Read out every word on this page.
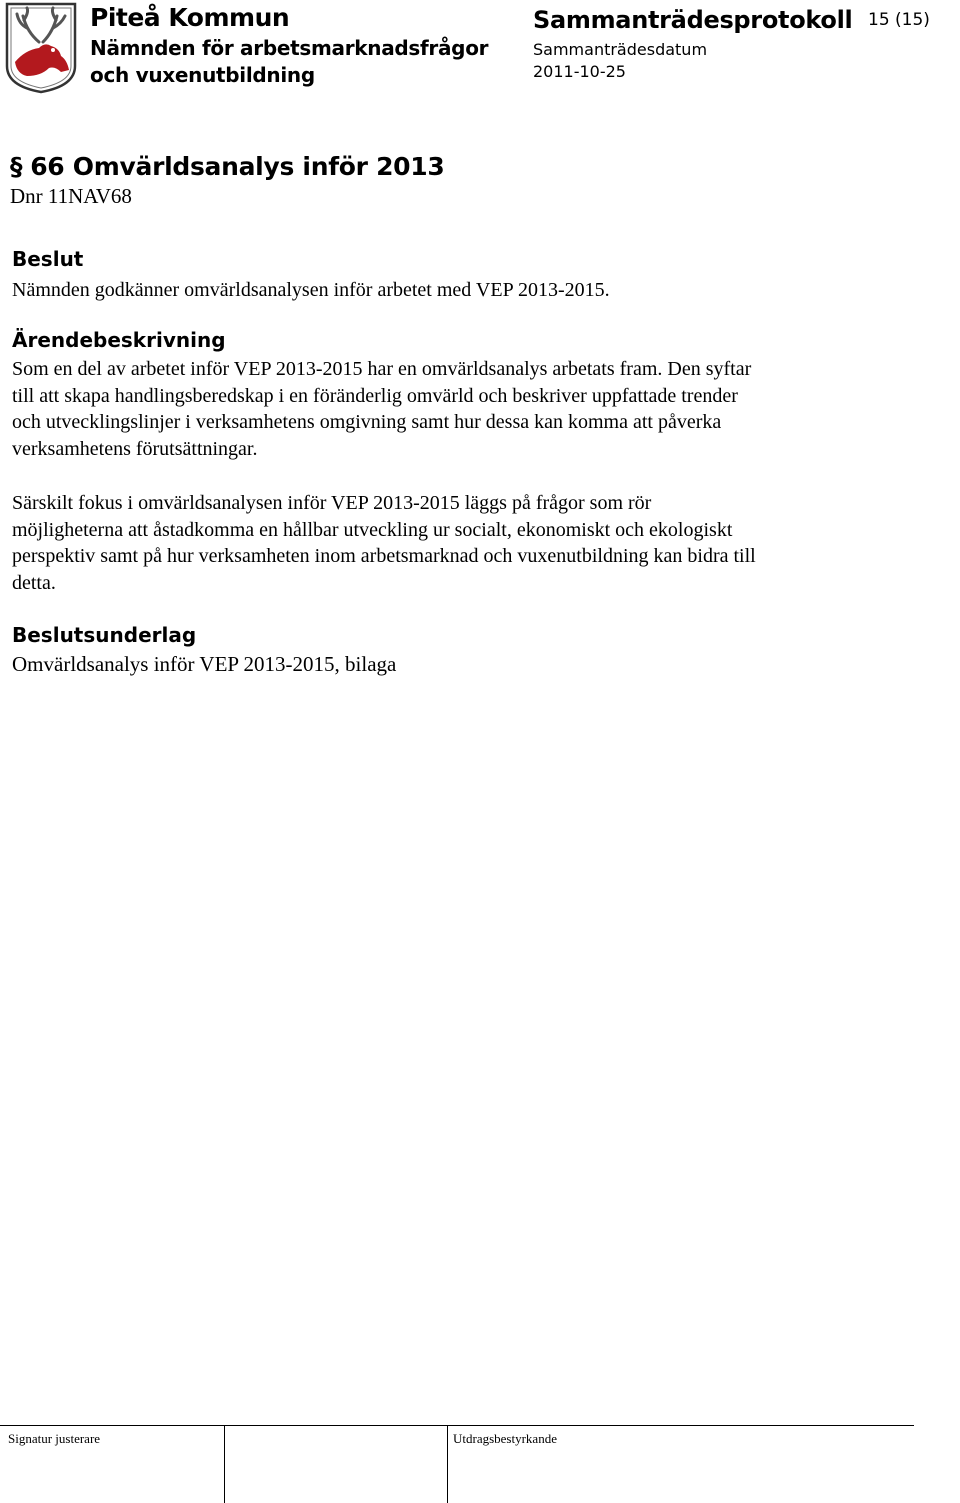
Piteå Kommun
Nämnden för arbetsmarknadsfrågor
och vuxenutbildning
Sammanträdesprotokoll
Sammanträdesdatum
2011-10-25
15 (15)
§ 66 Omvärldsanalys inför 2013
Dnr 11NAV68
Beslut
Nämnden godkänner omvärldsanalysen inför arbetet med VEP 2013-2015.
Ärendebeskrivning
Som en del av arbetet inför VEP 2013-2015 har en omvärldsanalys arbetats fram. Den syftar
till att skapa handlingsberedskap i en föränderlig omvärld och beskriver uppfattade trender
och utvecklingslinjer i verksamhetens omgivning samt hur dessa kan komma att påverka
verksamhetens förutsättningar.
Särskilt fokus i omvärldsanalysen inför VEP 2013-2015 läggs på frågor som rör
möjligheterna att åstadkomma en hållbar utveckling ur socialt, ekonomiskt och ekologiskt
perspektiv samt på hur verksamheten inom arbetsmarknad och vuxenutbildning kan bidra till
detta.
Beslutsunderlag
Omvärldsanalys inför VEP 2013-2015, bilaga
Signatur justerare	Utdragsbestyrkande
